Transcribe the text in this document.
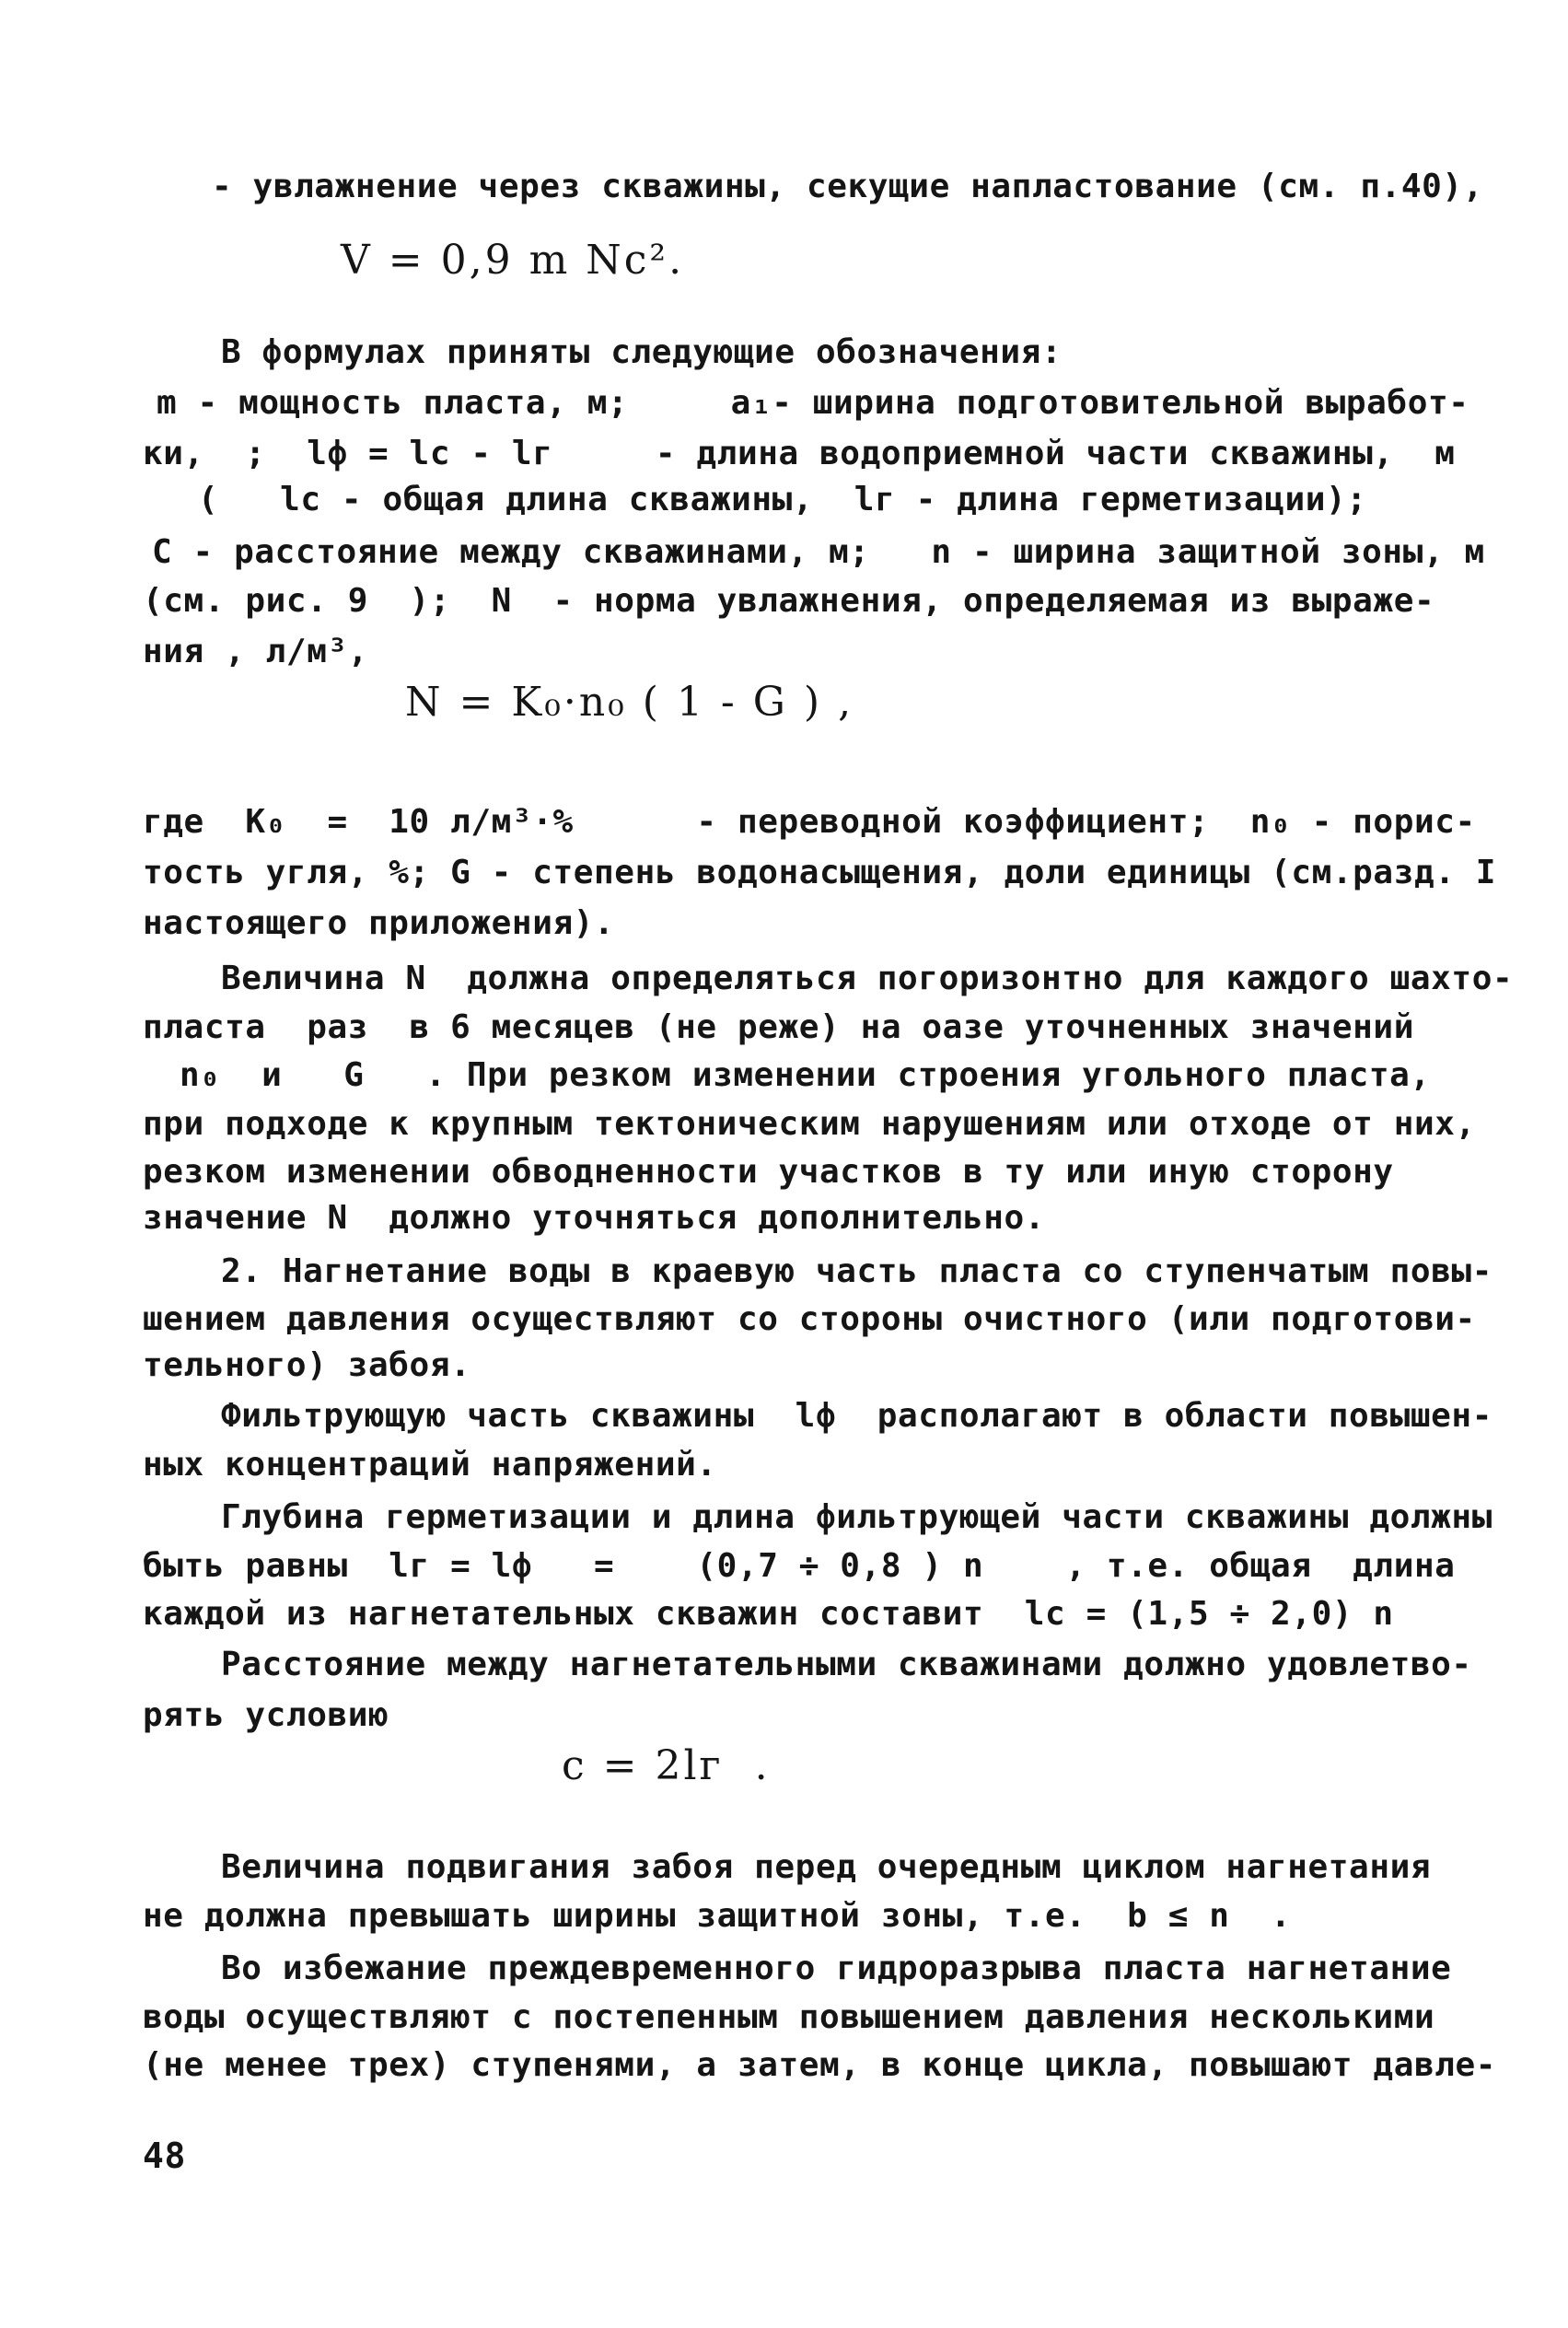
- увлажнение через скважины, секущие напластование (см. п.40),
V = 0,9 m Nc².
В формулах приняты следующие обозначения:
m - мощность пласта, м;     a₁- ширина подготовительной выработ-
ки,  ;  lф = lс - lг     - длина водоприемной части скважины,  м
(   lс - общая длина скважины,  lг - длина герметизации);
С - расстояние между скважинами, м;   n - ширина защитной зоны, м
(см. рис. 9  );  N  - норма увлажнения, определяемая из выраже-
ния , л/м³,
N = K₀·n₀ ( 1 - G ) ,
где  K₀  =  10 л/м³·%      - переводной коэффициент;  n₀ - порис-
тость угля, %; G - степень водонасыщения, доли единицы (см.разд. I
настоящего приложения).
Величина N  должна определяться погоризонтно для каждого шахто-
пласта  раз  в 6 месяцев (не реже) на оазе уточненных значений
n₀  и   G   . При резком изменении строения угольного пласта,
при подходе к крупным тектоническим нарушениям или отходе от них,
резком изменении обводненности участков в ту или иную сторону
значение N  должно уточняться дополнительно.
2. Нагнетание воды в краевую часть пласта со ступенчатым повы-
шением давления осуществляют со стороны очистного (или подготови-
тельного) забоя.
Фильтрующую часть скважины  lф  располагают в области повышен-
ных концентраций напряжений.
Глубина герметизации и длина фильтрующей части скважины должны
быть равны  lг = lф   =    (0,7 ÷ 0,8 ) n    , т.е. общая  длина
каждой из нагнетательных скважин составит  lс = (1,5 ÷ 2,0) n
Расстояние между нагнетательными скважинами должно удовлетво-
рять условию
c = 2lг  .
Величина подвигания забоя перед очередным циклом нагнетания
не должна превышать ширины защитной зоны, т.е.  b ≤ n  .
Во избежание преждевременного гидроразрыва пласта нагнетание
воды осуществляют с постепенным повышением давления несколькими
(не менее трех) ступенями, а затем, в конце цикла, повышают давле-
48
